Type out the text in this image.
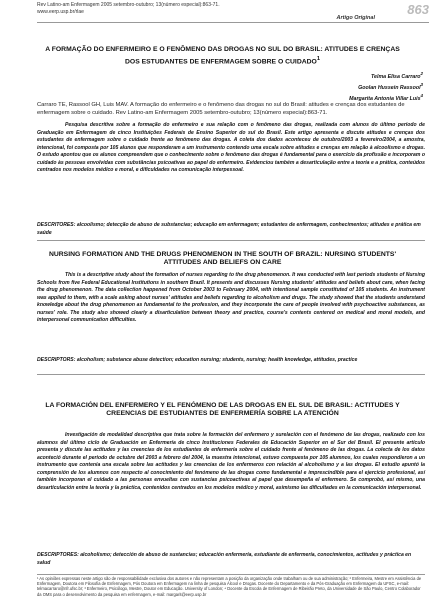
Rev Latino-am Enfermagem 2005 setembro-outubro; 13(número especial):863-71.
www.eerp.usp.br/rlae
Artigo Original
863
A FORMAÇÃO DO ENFERMEIRO E O FENÔMENO DAS DROGAS NO SUL DO BRASIL: ATITUDES E CRENÇAS DOS ESTUDANTES DE ENFERMAGEM SOBRE O CUIDADO$^1$
Telma Elisa Carraro$^2$
Goolan Hussein Rassool$^3$
Margarita Antonia Villar Luis$^4$
Carraro TE, Rassool GH, Luis MAV. A formação do enfermeiro e o fenômeno das drogas no sul do Brasil: atitudes e crenças dos estudantes de enfermagem sobre o cuidado. Rev Latino-am Enfermagem 2005 setembro-outubro; 13(número especial):863-71.
Pesquisa descritiva sobre a formação do enfermeiro e sua relação com o fenômeno das drogas, realizada com alunos do último período de Graduação em Enfermagem de cinco Instituições Federais de Ensino Superior do sul do Brasil. Este artigo apresenta e discute atitudes e crenças dos estudantes de enfermagem sobre o cuidado frente ao fenômeno das drogas. A coleta dos dados aconteceu de outubro/2003 a fevereiro/2004, a amostra, intencional, foi composta por 105 alunos que responderam a um instrumento contendo uma escala sobre atitudes e crenças em relação à alcoolismo e drogas. O estudo apontou que os alunos compreendem que o conhecimento sobre o fenômeno das drogas é fundamental para o exercício da profissão e incorporam o cuidado às pessoas envolvidas com substâncias psicoativas ao papel do enfermeiro. Evidenciou também a desarticulação entre a teoria e a prática, conteúdos centrados nos modelos médico e moral, e dificuldades na comunicação interpessoal.
DESCRITORES: alcoolismo; detecção de abuso de substancias; educação em enfermagem; estudantes de enfermagem, conhecimentos; atitudes e prática em saúde
NURSING FORMATION AND THE DRUGS PHENOMENON IN THE SOUTH OF BRAZIL: NURSING STUDENTS' ATTITUDES AND BELIEFS ON CARE
This is a descriptive study about the formation of nurses regarding to the drug phenomenon. It was conducted with last periods students of Nursing Schools from five Federal Educational Institutions in southern Brazil. It presents and discusses Nursing students' attitudes and beliefs about care, when facing the drug phenomenon. The data collection happened from October 2003 to February 2004, with intentional sample constituted of 105 students. An instrument was applied to them, with a scale asking about nurses' attitudes and beliefs regarding to alcoholism and drugs. The study showed that the students understand knowledge about the drug phenomenon as fundamental to the profession, and they incorporate the care of people involved with psychoactive substances, as nurses' role. The study also showed clearly a disarticulation between theory and practice, course's contents centered on medical and moral models, and interpersonal communication difficulties.
DESCRIPTORS: alcoholism; substance abuse detection; education nursing; students, nursing; health knowledge, attitudes, practice
LA FORMACIÓN DEL ENFERMERO Y EL FENÓMENO DE LAS DROGAS EN EL SUL DE BRASIL: ACTITUDES Y CREENCIAS DE ESTUDIANTES DE ENFERMERÍA SOBRE LA ATENCIÓN
Investigación de modalidad descriptiva que trata sobre la formación del enfermero y surelación con el fenómeno de las drogas, realizado con los alumnos del último ciclo de Graduación en Enfermería de cinco Instituciones Federales de Educación Superior en el Sur del Brasil. El presente artículo presenta y discute las actitudes y las creencias de los estudiantes de enfermería sobre el cuidado frente al fenómeno de las drogas. La colecta de los datos aconteció durante el periodo de octubre del 2003 a febrero del 2004, la muestra intencional, estuvo compuesta por 105 alumnos, los cuales respondieron a un instrumento que contenía una escala sobre las actitudes y las creencias de los enfermeros con relación al alcoholismo y a las drogas. El estudio apuntó la comprensión de los alumnos con respecto al conocimiento del fenómeno de las drogas como fundamental e imprescindible para el ejercicio profesional, así también incorporan el cuidado a las personas envueltas con sustancias psicoactivas al papel que desempeña el enfermero. Se comprobó, así mismo, una desarticulación entre la teoría y la práctica, contenidos centrados en los modelos médico y moral, asimismo las dificultades en la comunicación interpersonal.
DESCRIPTORES: alcoholismo; detección de abuso de sustancias; educación enfermería, estudiante de enfermería, conocimientos, actitudes y práctica en salud
¹ As opiniões expressas neste artigo são de responsabilidade exclusiva dos autores e não representam a posição da organização onde trabalham ou de sua administração; ² Enfermeira, Mestre em Assistência de Enfermagem, Doutora em Filosofia de Enfermagem, Pós Doutora em Enfermagem na linha de pesquisa Álcool e Drogas. Docente do Departamento e da Pós-Graduação em Enfermagem da UFSC, e-mail: telmacarraro@nfr.ufsc.br; ³ Enfermeiro, Psicólogo, Mestre, Doutor em Educação. University of London; ⁴ Docente da Escola de Enfermagem de Ribeirão Preto, da Universidade de São Paulo, Centro Colaborador da OMS para o desenvolvimento da pesquisa em enfermagem, e-mail: margarit@eerp.usp.br
